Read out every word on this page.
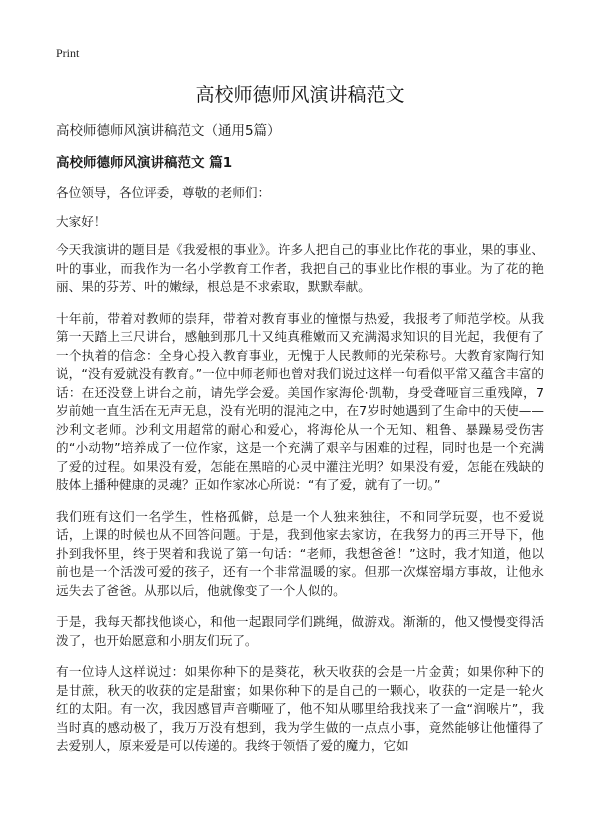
Print
高校师德师风演讲稿范文
高校师德师风演讲稿范文（通用5篇）
高校师德师风演讲稿范文 篇1

各位领导，各位评委，尊敬的老师们：

大家好！

今天我演讲的题目是《我爱根的事业》。许多人把自己的事业比作花的事业，果的事业、叶的事业，而我作为一名小学教育工作者，我把自己的事业比作根的事业。为了花的艳丽、果的芬芳、叶的嫩绿，根总是不求索取，默默奉献。

十年前，带着对教师的崇拜，带着对教育事业的憧憬与热爱，我报考了师范学校。从我第一天踏上三尺讲台，感触到那几十又纯真稚嫩而又充满渴求知识的目光起，我便有了一个执着的信念：全身心投入教育事业，无愧于人民教师的光荣称号。大教育家陶行知说，“没有爱就没有教育。”一位中师老师也曾对我们说过这样一句看似平常又蕴含丰富的话：在还没登上讲台之前，请先学会爱。美国作家海伦·凯勒，身受聋哑盲三重残障，7岁前她一直生活在无声无息，没有光明的混沌之中，在7岁时她遇到了生命中的天使——沙利文老师。沙利文用超常的耐心和爱心，将海伦从一个无知、粗鲁、暴躁易受伤害的“小动物”培养成了一位作家，这是一个充满了艰辛与困难的过程，同时也是一个充满了爱的过程。如果没有爱，怎能在黑暗的心灵中灌注光明？如果没有爱，怎能在残缺的肢体上播种健康的灵魂？正如作家冰心所说：“有了爱，就有了一切。”

我们班有这们一名学生，性格孤僻，总是一个人独来独往，不和同学玩耍，也不爱说话，上课的时候也从不回答问题。于是，我到他家去家访，在我努力的再三开导下，他扑到我怀里，终于哭着和我说了第一句话：“老师，我想爸爸！”这时，我才知道，他以前也是一个活泼可爱的孩子，还有一个非常温暖的家。但那一次煤窑塌方事故，让他永远失去了爸爸。从那以后，他就像变了一个人似的。

于是，我每天都找他谈心，和他一起跟同学们跳绳，做游戏。渐渐的，他又慢慢变得活泼了，也开始愿意和小朋友们玩了。

有一位诗人这样说过：如果你种下的是葵花，秋天收获的会是一片金黄；如果你种下的是甘蔗，秋天的收获的定是甜蜜；如果你种下的是自己的一颗心，收获的一定是一轮火红的太阳。有一次，我因感冒声音嘶哑了，他不知从哪里给我找来了一盒“润喉片”，我当时真的感动极了，我万万没有想到，我为学生做的一点点小事，竟然能够让他懂得了去爱别人，原来爱是可以传递的。我终于领悟了爱的魔力，它如
